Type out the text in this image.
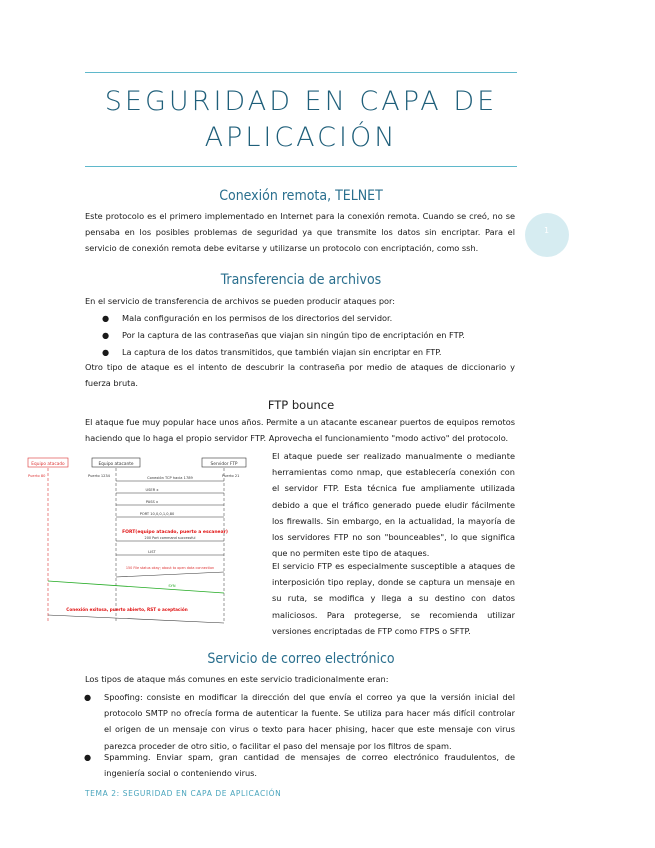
SEGURIDAD EN CAPA DE
APLICACIÓN
1
Conexión remota, TELNET

Este protocolo es el primero implementado en Internet para la conexión remota. Cuando se creó, no se pensaba en los posibles problemas de seguridad ya que transmite los datos sin encriptar. Para el servicio de conexión remota debe evitarse y utilizarse un protocolo con encriptación, como ssh.

Transferencia de archivos

En el servicio de transferencia de archivos se pueden producir ataques por:

● Mala configuración en los permisos de los directorios del servidor.

● Por la captura de las contraseñas que viajan sin ningún tipo de encriptación en FTP.

● La captura de los datos transmitidos, que también viajan sin encriptar en FTP.

Otro tipo de ataque es el intento de descubrir la contraseña por medio de ataques de diccionario y fuerza bruta.

FTP bounce

El ataque fue muy popular hace unos años. Permite a un atacante escanear puertos de equipos remotos haciendo que lo haga el propio servidor FTP. Aprovecha el funcionamiento "modo activo" del protocolo.

Equipo atacado	Equipo atacante	Servidor FTP
Puerto 80	Puerto 1234	Puerto 21
Conexión TCP hacia 1789
USER x
PASS x
PORT 10,0,0,1,0,80
FORT(equipo atacado, puerto a escanear)
200 Port command successful
LIST
150 File status okay; about to open data connection
SYN
Conexión exitosa, puerto abierto, RST o aceptación

El ataque puede ser realizado manualmente o mediante herramientas como nmap, que establecería conexión con el servidor FTP. Esta técnica fue ampliamente utilizada debido a que el tráfico generado puede eludir fácilmente los firewalls. Sin embargo, en la actualidad, la mayoría de los servidores FTP no son "bounceables", lo que significa que no permiten este tipo de ataques.

El servicio FTP es especialmente susceptible a ataques de interposición tipo replay, donde se captura un mensaje en su ruta, se modifica y llega a su destino con datos maliciosos. Para protegerse, se recomienda utilizar versiones encriptadas de FTP como FTPS o SFTP.

Servicio de correo electrónico

Los tipos de ataque más comunes en este servicio tradicionalmente eran:

● Spoofing: consiste en modificar la dirección del que envía el correo ya que la versión inicial del protocolo SMTP no ofrecía forma de autenticar la fuente. Se utiliza para hacer más difícil controlar el origen de un mensaje con virus o texto para hacer phising, hacer que este mensaje con virus parezca proceder de otro sitio, o facilitar el paso del mensaje por los filtros de spam.

● Spamming. Enviar spam, gran cantidad de mensajes de correo electrónico fraudulentos, de ingeniería social o conteniendo virus.

TEMA 2: SEGURIDAD EN CAPA DE APLICACIÓN
